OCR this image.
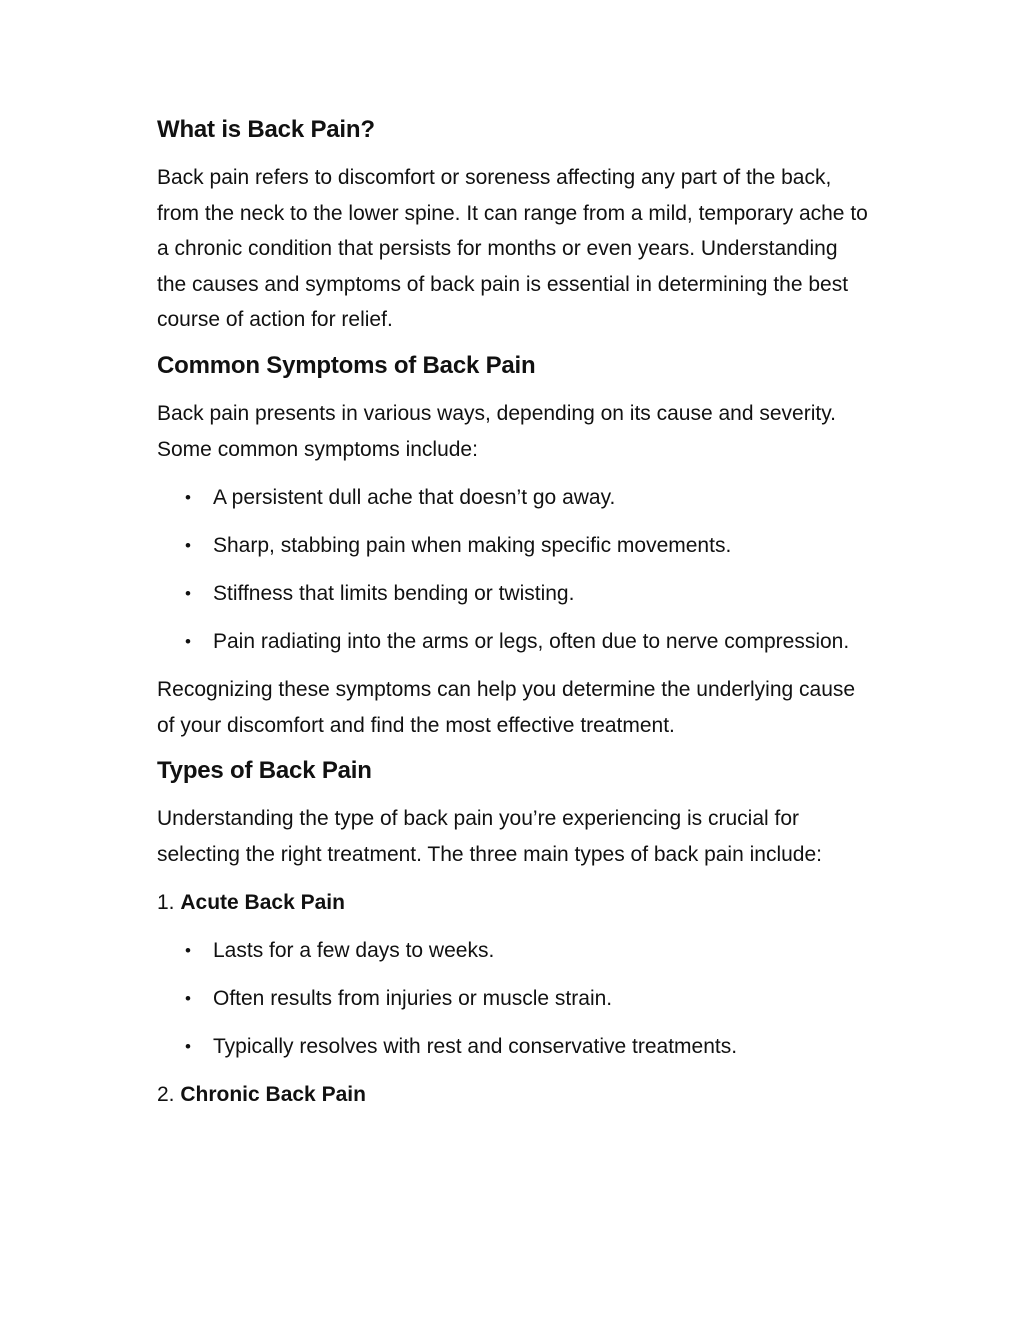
What is Back Pain?

Back pain refers to discomfort or soreness affecting any part of the back, from the neck to the lower spine. It can range from a mild, temporary ache to a chronic condition that persists for months or even years. Understanding the causes and symptoms of back pain is essential in determining the best course of action for relief.

Common Symptoms of Back Pain

Back pain presents in various ways, depending on its cause and severity. Some common symptoms include:

• A persistent dull ache that doesn’t go away.
• Sharp, stabbing pain when making specific movements.
• Stiffness that limits bending or twisting.
• Pain radiating into the arms or legs, often due to nerve compression.

Recognizing these symptoms can help you determine the underlying cause of your discomfort and find the most effective treatment.

Types of Back Pain

Understanding the type of back pain you’re experiencing is crucial for selecting the right treatment. The three main types of back pain include:

1. Acute Back Pain
• Lasts for a few days to weeks.
• Often results from injuries or muscle strain.
• Typically resolves with rest and conservative treatments.
2. Chronic Back Pain
